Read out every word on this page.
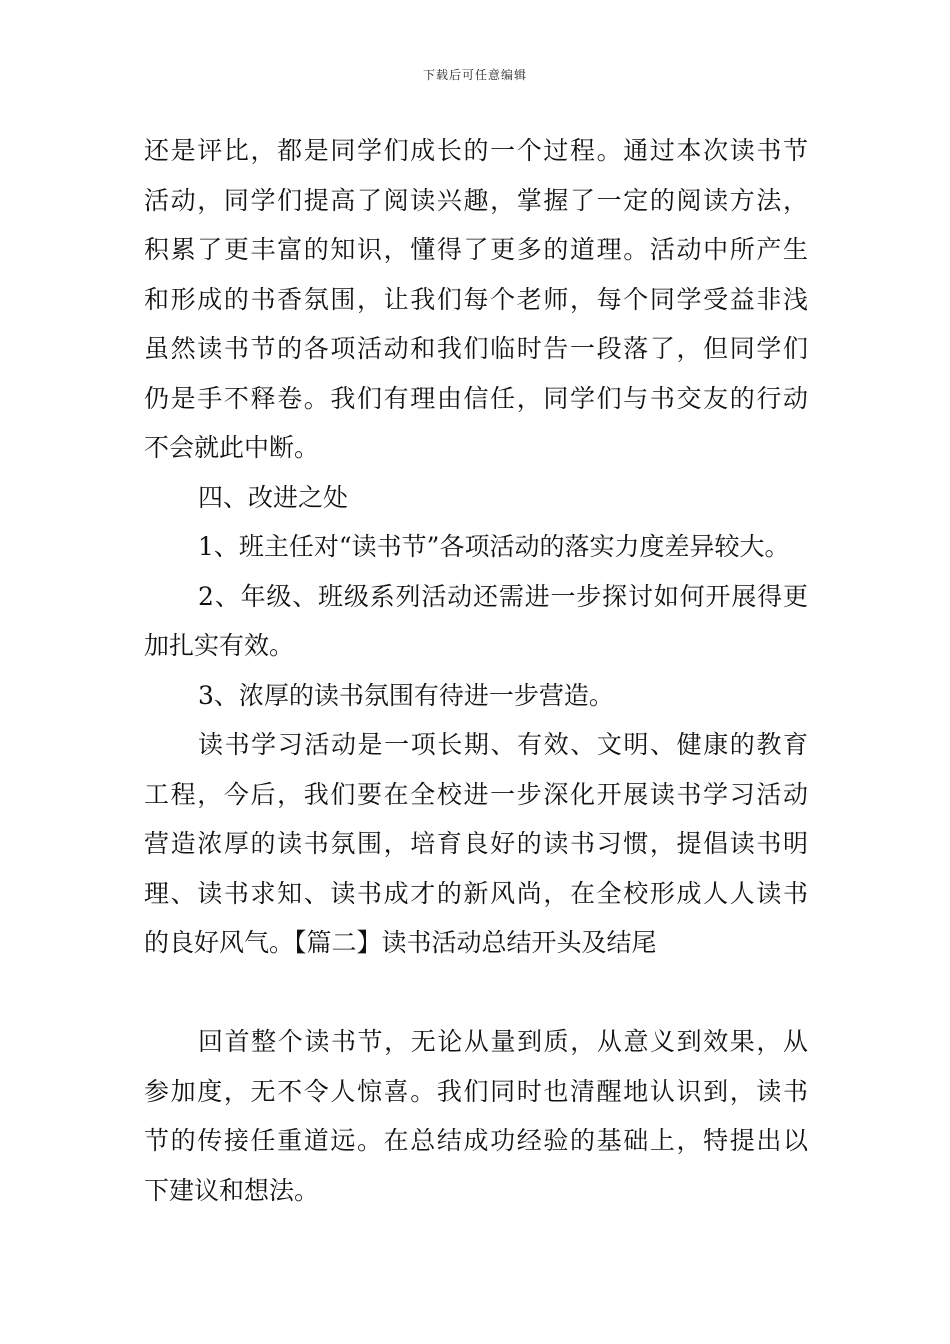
下载后可任意编辑
还是评比，都是同学们成长的一个过程。通过本次读书节
活动，同学们提高了阅读兴趣，掌握了一定的阅读方法，
积累了更丰富的知识，懂得了更多的道理。活动中所产生
和形成的书香氛围，让我们每个老师，每个同学受益非浅
虽然读书节的各项活动和我们临时告一段落了，但同学们
仍是手不释卷。我们有理由信任，同学们与书交友的行动
不会就此中断。
四、改进之处
1、班主任对“读书节”各项活动的落实力度差异较大。
2、年级、班级系列活动还需进一步探讨如何开展得更
加扎实有效。
3、浓厚的读书氛围有待进一步营造。
读书学习活动是一项长期、有效、文明、健康的教育
工程，今后，我们要在全校进一步深化开展读书学习活动
营造浓厚的读书氛围，培育良好的读书习惯，提倡读书明
理、读书求知、读书成才的新风尚，在全校形成人人读书
的良好风气。【篇二】读书活动总结开头及结尾
回首整个读书节，无论从量到质，从意义到效果，从
参加度，无不令人惊喜。我们同时也清醒地认识到，读书
节的传接任重道远。在总结成功经验的基础上，特提出以
下建议和想法。
